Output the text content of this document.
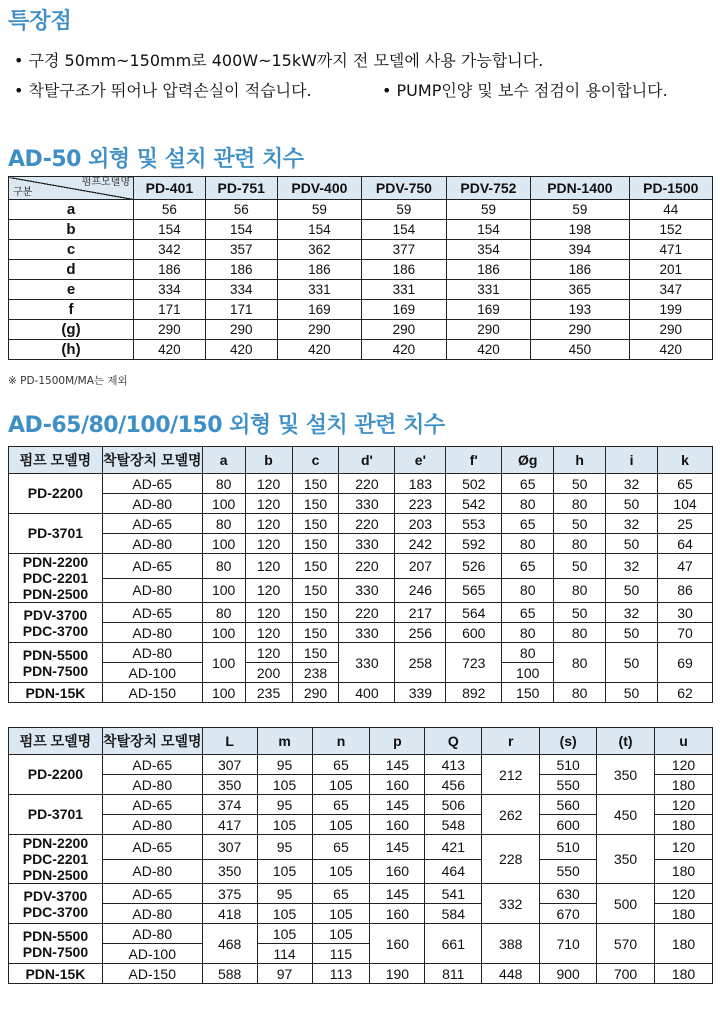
특장점
• 구경 50mm~150mm로 400W~15kW까지 전 모델에 사용 가능합니다.
• 착탈구조가 뛰어나 압력손실이 적습니다.	• PUMP인양 및 보수 점검이 용이합니다.
AD-50 외형 및 설치 관련 치수
펌프모델명
구분	PD-401	PD-751	PDV-400	PDV-750	PDV-752	PDN-1400	PD-1500
a	56	56	59	59	59	59	44
b	154	154	154	154	154	198	152
c	342	357	362	377	354	394	471
d	186	186	186	186	186	186	201
e	334	334	331	331	331	365	347
f	171	171	169	169	169	193	199
(g)	290	290	290	290	290	290	290
(h)	420	420	420	420	420	450	420
※ PD-1500M/MA는 제외
AD-65/80/100/150 외형 및 설치 관련 치수
펌프 모델명	착탈장치 모델명	a	b	c	d'	e'	f'	Øg	h	i	k

PD-2200	AD-65	80	120	150	220	183	502	65	50	32	65
	AD-80	100	120	150	330	223	542	80	80	50	104

PD-3701	AD-65	80	120	150	220	203	553	65	50	32	25
	AD-80	100	120	150	330	242	592	80	80	50	64

PDN-2200
PDC-2201
PDN-2500	AD-65	80	120	150	220	207	526	65	50	32	47
	AD-80	100	120	150	330	246	565	80	80	50	86

PDV-3700
PDC-3700	AD-65	80	120	150	220	217	564	65	50	32	30
	AD-80	100	120	150	330	256	600	80	80	50	70

PDN-5500
PDN-7500	AD-80	100	120	150	330	258	723	80	80	50	69
	AD-100		200	238				100			

PDN-15K	AD-150	100	235	290	400	339	892	150	80	50	62
펌프 모델명	착탈장치 모델명	L	m	n	p	Q	r	(s)	(t)	u
PD-2200	AD-65	307	95	65	145	413	212	510	350	120
	AD-80	350	105	105	160	456		550		180
PD-3701	AD-65	374	95	65	145	506	262	560	450	120
	AD-80	417	105	105	160	548		600		180

PDN-2200
PDC-2201
PDN-2500	AD-65	307	95	65	145	421	228	510	350	120
	AD-80	350	105	105	160	464		550		180

PDV-3700
PDC-3700	AD-65	375	95	65	145	541	332	630	500	120
	AD-80	418	105	105	160	584		670		180

PDN-5500
PDN-7500	AD-80	468	105	105	160	661	388	710	570	180
	AD-100		114	115						
PDN-15K	AD-150	588	97	113	190	811	448	900	700	180
